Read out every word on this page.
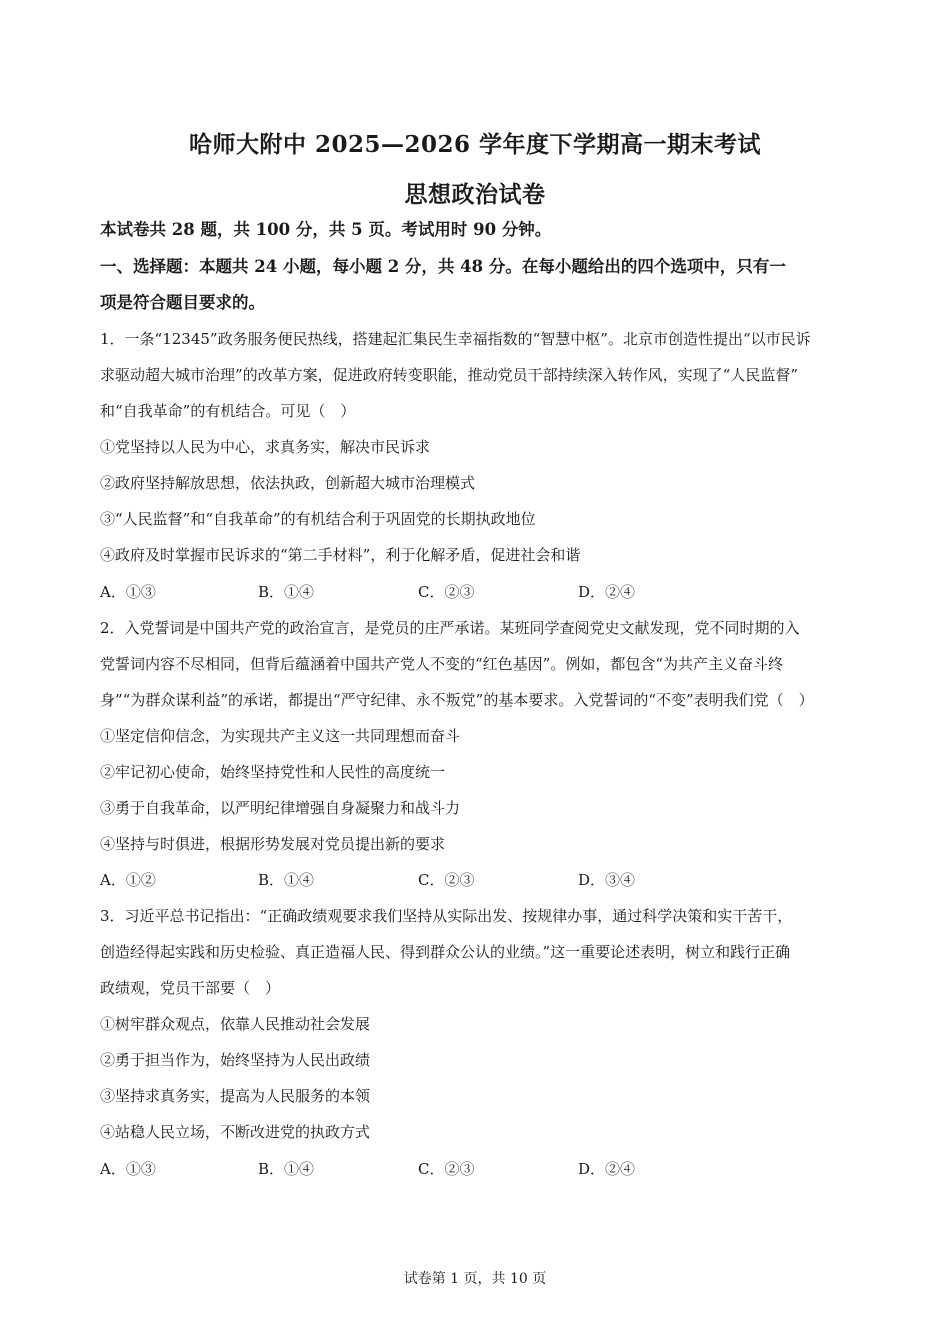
哈师大附中 2025—2026 学年度下学期高一期末考试
思想政治试卷
本试卷共 28 题，共 100 分，共 5 页。考试用时 90 分钟。
一、选择题：本题共 24 小题，每小题 2 分，共 48 分。在每小题给出的四个选项中，只有一
项是符合题目要求的。
1．一条“12345”政务服务便民热线，搭建起汇集民生幸福指数的“智慧中枢”。北京市创造性提出“以市民诉
求驱动超大城市治理”的改革方案，促进政府转变职能，推动党员干部持续深入转作风，实现了“人民监督”
和“自我革命”的有机结合。可见（　）
①党坚持以人民为中心，求真务实，解决市民诉求
②政府坚持解放思想，依法执政，创新超大城市治理模式
③“人民监督”和“自我革命”的有机结合利于巩固党的长期执政地位
④政府及时掌握市民诉求的“第二手材料”，利于化解矛盾，促进社会和谐
A．①③	B．①④	C．②③	D．②④
2．入党誓词是中国共产党的政治宣言，是党员的庄严承诺。某班同学查阅党史文献发现，党不同时期的入
党誓词内容不尽相同，但背后蕴涵着中国共产党人不变的“红色基因”。例如，都包含“为共产主义奋斗终
身”“为群众谋利益”的承诺，都提出“严守纪律、永不叛党”的基本要求。入党誓词的“不变”表明我们党（　）
①坚定信仰信念，为实现共产主义这一共同理想而奋斗
②牢记初心使命，始终坚持党性和人民性的高度统一
③勇于自我革命，以严明纪律增强自身凝聚力和战斗力
④坚持与时俱进，根据形势发展对党员提出新的要求
A．①②	B．①④	C．②③	D．③④
3．习近平总书记指出：“正确政绩观要求我们坚持从实际出发、按规律办事，通过科学决策和实干苦干，
创造经得起实践和历史检验、真正造福人民、得到群众公认的业绩。”这一重要论述表明，树立和践行正确
政绩观，党员干部要（　）
①树牢群众观点，依靠人民推动社会发展
②勇于担当作为，始终坚持为人民出政绩
③坚持求真务实，提高为人民服务的本领
④站稳人民立场，不断改进党的执政方式
A．①③	B．①④	C．②③	D．②④
试卷第 1 页，共 10 页
